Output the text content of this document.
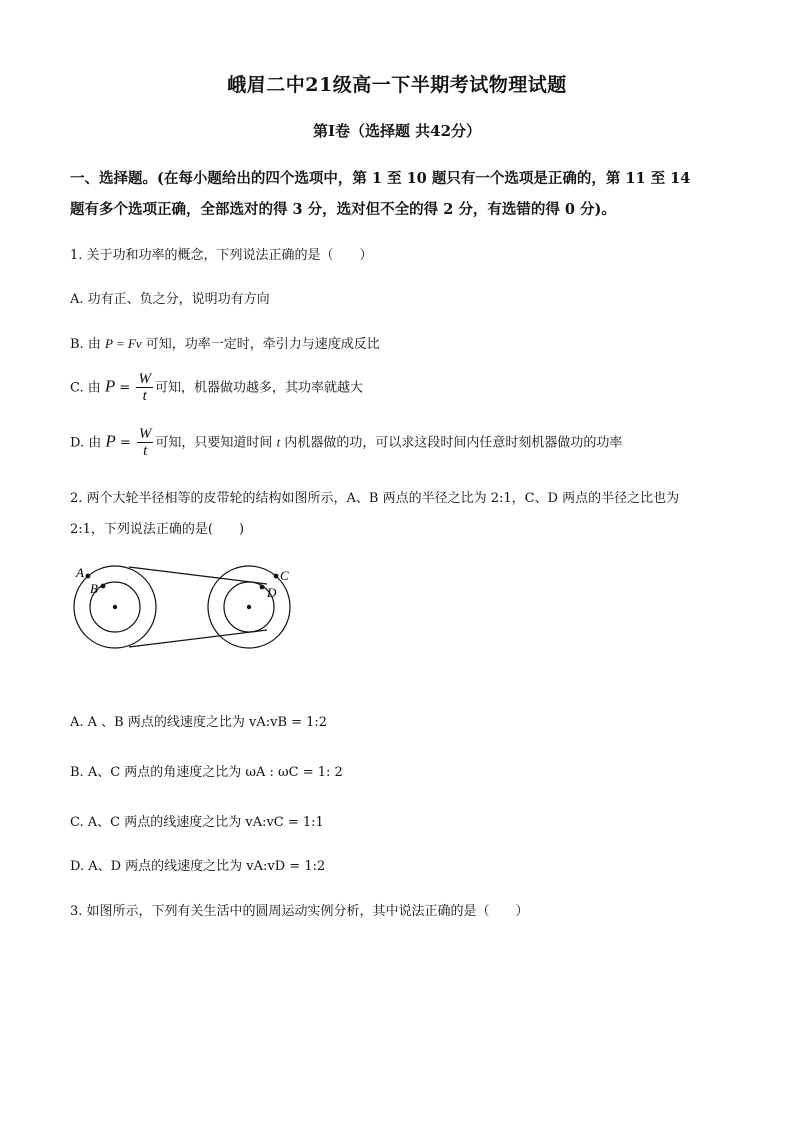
峨眉二中21级高一下半期考试物理试题
第Ⅰ卷（选择题 共42分）
一、选择题。(在每小题给出的四个选项中，第 1 至 10 题只有一个选项是正确的，第 11 至 14
题有多个选项正确，全部选对的得 3 分，选对但不全的得 2 分，有选错的得 0 分)。
1. 关于功和功率的概念，下列说法正确的是（　　）
A. 功有正、负之分，说明功有方向
B. 由 P = Fv 可知，功率一定时，牵引力与速度成反比
C. 由 $P = \frac{W}{t}$ 可知，机器做功越多，其功率就越大
D. 由 $P = \frac{W}{t}$ 可知，只要知道时间 t 内机器做的功，可以求这段时间内任意时刻机器做功的功率
2. 两个大轮半径相等的皮带轮的结构如图所示，A、B 两点的半径之比为 2:1，C、D 两点的半径之比也为
2:1，下列说法正确的是(　　)
A
B
C
D
A. A 、B 两点的线速度之比为 vA:vB = 1:2
B. A、C 两点的角速度之比为 ωA : ωC = 1: 2
C. A、C 两点的线速度之比为 vA:vC = 1:1
D. A、D 两点的线速度之比为 vA:vD = 1:2
3. 如图所示，下列有关生活中的圆周运动实例分析，其中说法正确的是（　　）
